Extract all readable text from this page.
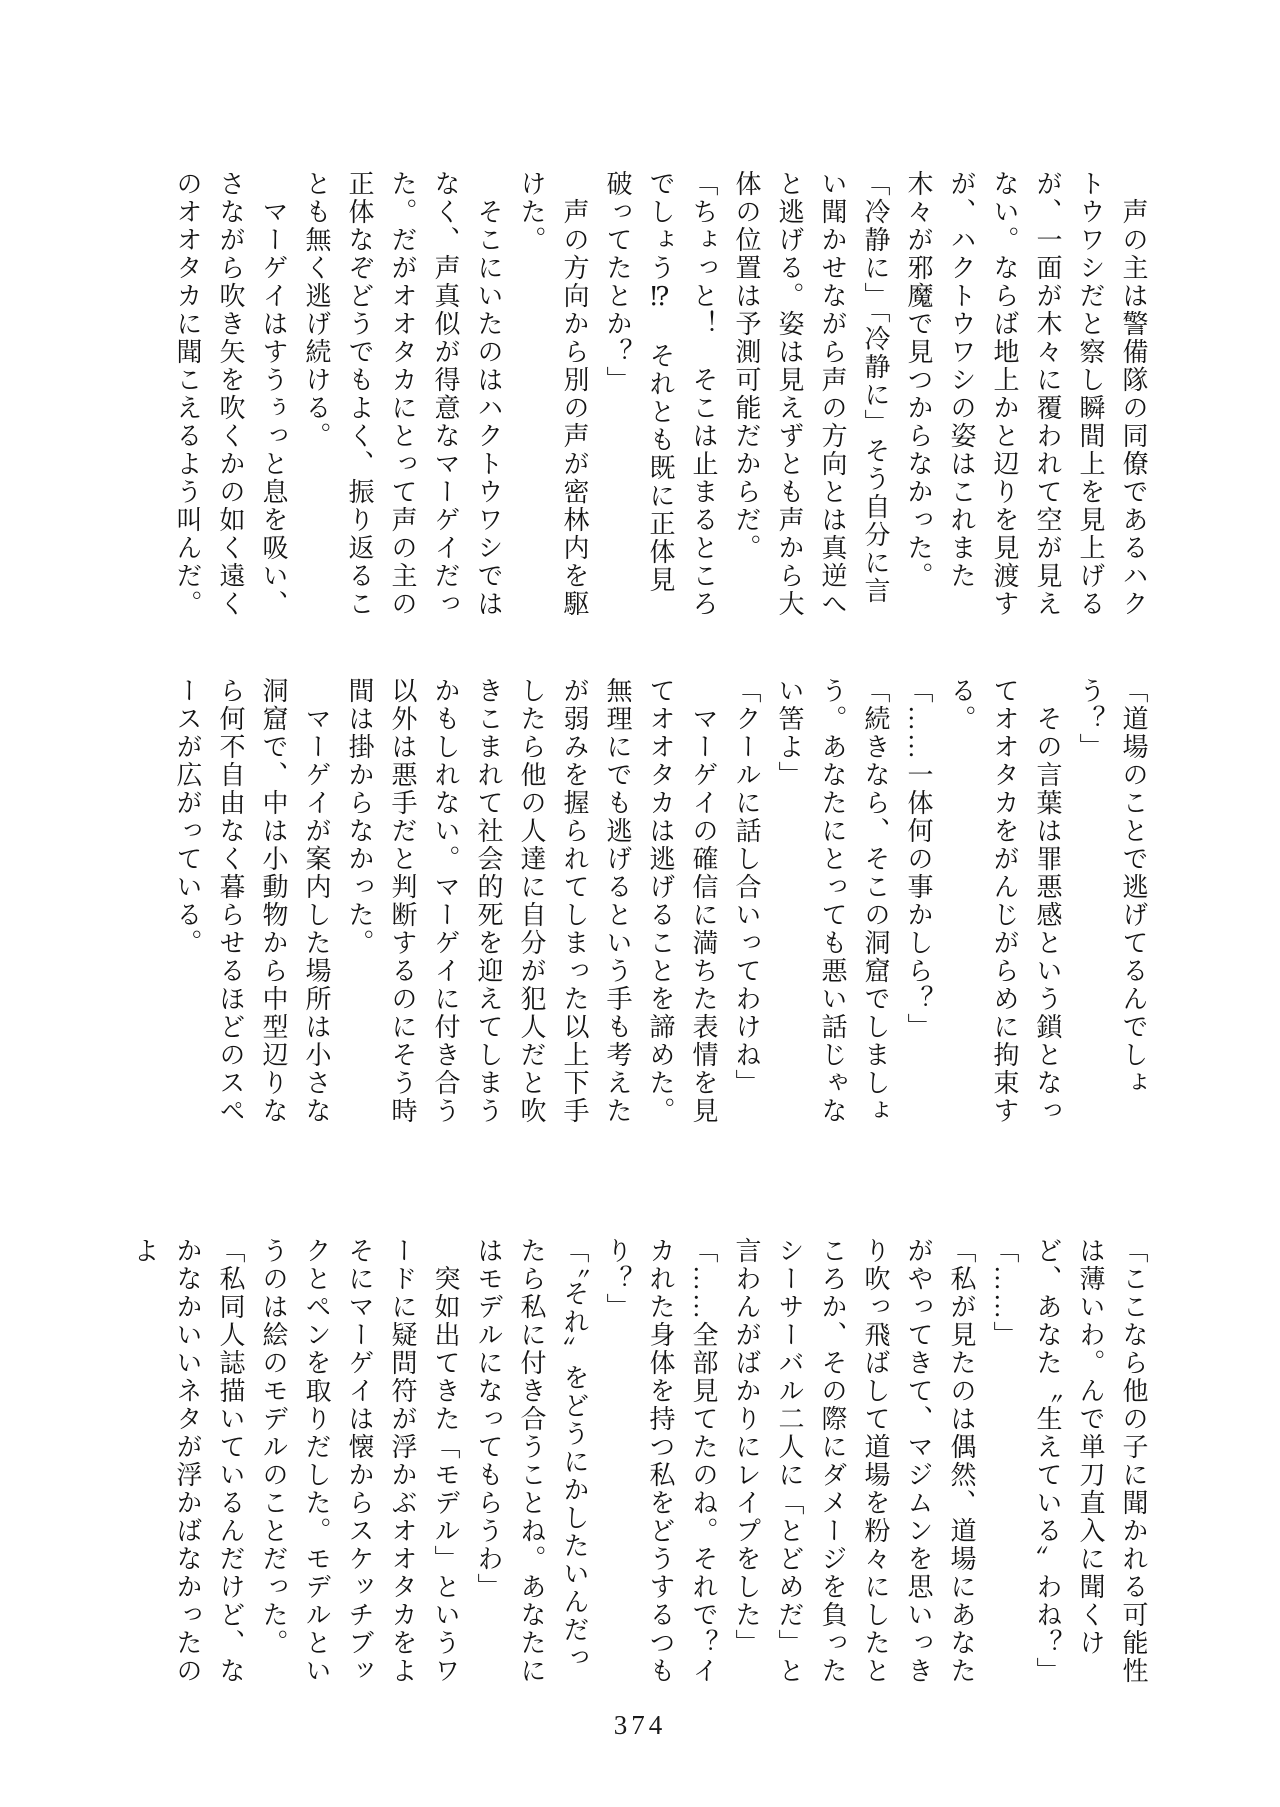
声の主は警備隊の同僚であるハクトウワシだと察し瞬間上を見上げるが、一面が木々に覆われて空が見えない。ならば地上かと辺りを見渡すが、ハクトウワシの姿はこれまた木々が邪魔で見つからなかった。

「冷静に」「冷静に」そう自分に言い聞かせながら声の方向とは真逆へと逃げる。姿は見えずとも声から大体の位置は予測可能だからだ。

「ちょっと！　そこは止まるところでしょう⁉　それとも既に正体見破ってたとか？」

声の方向から別の声が密林内を駆けた。

そこにいたのはハクトウワシではなく、声真似が得意なマーゲイだった。だがオオタカにとって声の主の正体なぞどうでもよく、振り返ることも無く逃げ続ける。

マーゲイはすうぅっと息を吸い、さながら吹き矢を吹くかの如く遠くのオオタカに聞こえるよう叫んだ。

「道場のことで逃げてるんでしょう？」

その言葉は罪悪感という鎖となってオオタカをがんじがらめに拘束する。

「……一体何の事かしら？」

「続きなら、そこの洞窟でしましょう。あなたにとっても悪い話じゃない筈よ」

「クールに話し合いってわけね」

マーゲイの確信に満ちた表情を見てオオタカは逃げることを諦めた。無理にでも逃げるという手も考えたが弱みを握られてしまった以上下手したら他の人達に自分が犯人だと吹きこまれて社会的死を迎えてしまうかもしれない。マーゲイに付き合う以外は悪手だと判断するのにそう時間は掛からなかった。

マーゲイが案内した場所は小さな洞窟で、中は小動物から中型辺りなら何不自由なく暮らせるほどのスペースが広がっている。

「ここなら他の子に聞かれる可能性は薄いわ。んで単刀直入に聞くけど、あなた〝生えている〟わね？」

「……」

「私が見たのは偶然、道場にあなたがやってきて、マジムンを思いっきり吹っ飛ばして道場を粉々にしたところか、その際にダメージを負ったシーサーバル二人に「とどめだ」と言わんがばかりにレイプをした」

「……全部見てたのね。それで？イカれた身体を持つ私をどうするつもり？」

「〝それ〟をどうにかしたいんだったら私に付き合うことね。あなたにはモデルになってもらうわ」

突如出てきた「モデル」というワードに疑問符が浮かぶオオタカをよそにマーゲイは懐からスケッチブックとペンを取りだした。モデルというのは絵のモデルのことだった。

「私同人誌描いているんだけど、なかなかいいネタが浮かばなかったのよ

374
